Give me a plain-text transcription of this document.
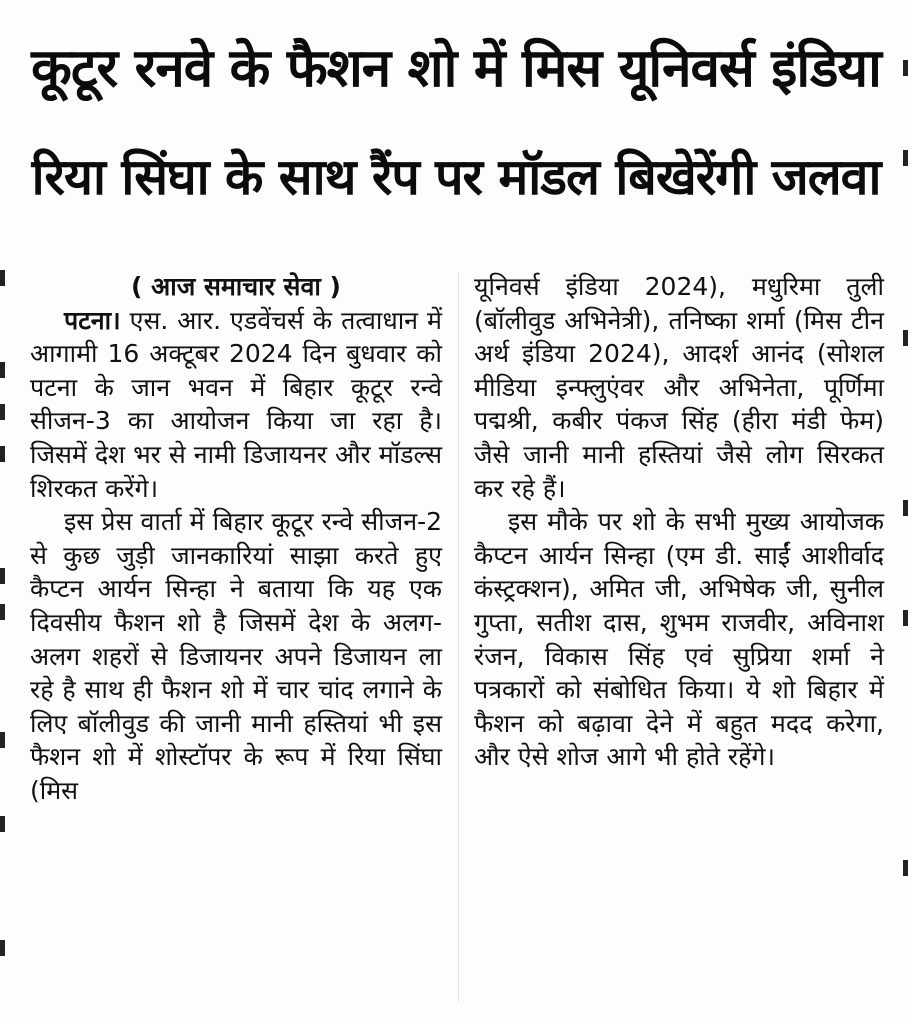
कूटूर रनवे के फैशन शो में मिस यूनिवर्स इंडिया
रिया सिंघा के साथ रैंप पर मॉडल बिखेरेंगी जलवा

( आज समाचार सेवा )

पटना। एस. आर. एडवेंचर्स के तत्वाधान में आगामी 16 अक्टूबर 2024 दिन बुधवार को पटना के जान भवन में बिहार कूटूर रन्वे सीजन-3 का आयोजन किया जा रहा है। जिसमें देश भर से नामी डिजायनर और मॉडल्स शिरकत करेंगे।

इस प्रेस वार्ता में बिहार कूटूर रन्वे सीजन-2 से कुछ जुड़ी जानकारियां साझा करते हुए कैप्टन आर्यन सिन्हा ने बताया कि यह एक दिवसीय फैशन शो है जिसमें देश के अलग-अलग शहरों से डिजायनर अपने डिजायन ला रहे है साथ ही फैशन शो में चार चांद लगाने के लिए बॉलीवुड की जानी मानी हस्तियां भी इस फैशन शो में शोस्टॉपर के रूप में रिया सिंघा (मिस

यूनिवर्स इंडिया 2024), मधुरिमा तुली (बॉलीवुड अभिनेत्री), तनिष्का शर्मा (मिस टीन अर्थ इंडिया 2024), आदर्श आनंद (सोशल मीडिया इन्फ्लुएंवर और अभिनेता, पूर्णिमा पद्मश्री, कबीर पंकज सिंह (हीरा मंडी फेम) जैसे जानी मानी हस्तियां जैसे लोग सिरकत कर रहे हैं।

इस मौके पर शो के सभी मुख्य आयोजक कैप्टन आर्यन सिन्हा (एम डी. साईं आशीर्वाद कंस्ट्रक्शन), अमित जी, अभिषेक जी, सुनील गुप्ता, सतीश दास, शुभम राजवीर, अविनाश रंजन, विकास सिंह एवं सुप्रिया शर्मा ने पत्रकारों को संबोधित किया। ये शो बिहार में फैशन को बढ़ावा देने में बहुत मदद करेगा, और ऐसे शोज आगे भी होते रहेंगे।
